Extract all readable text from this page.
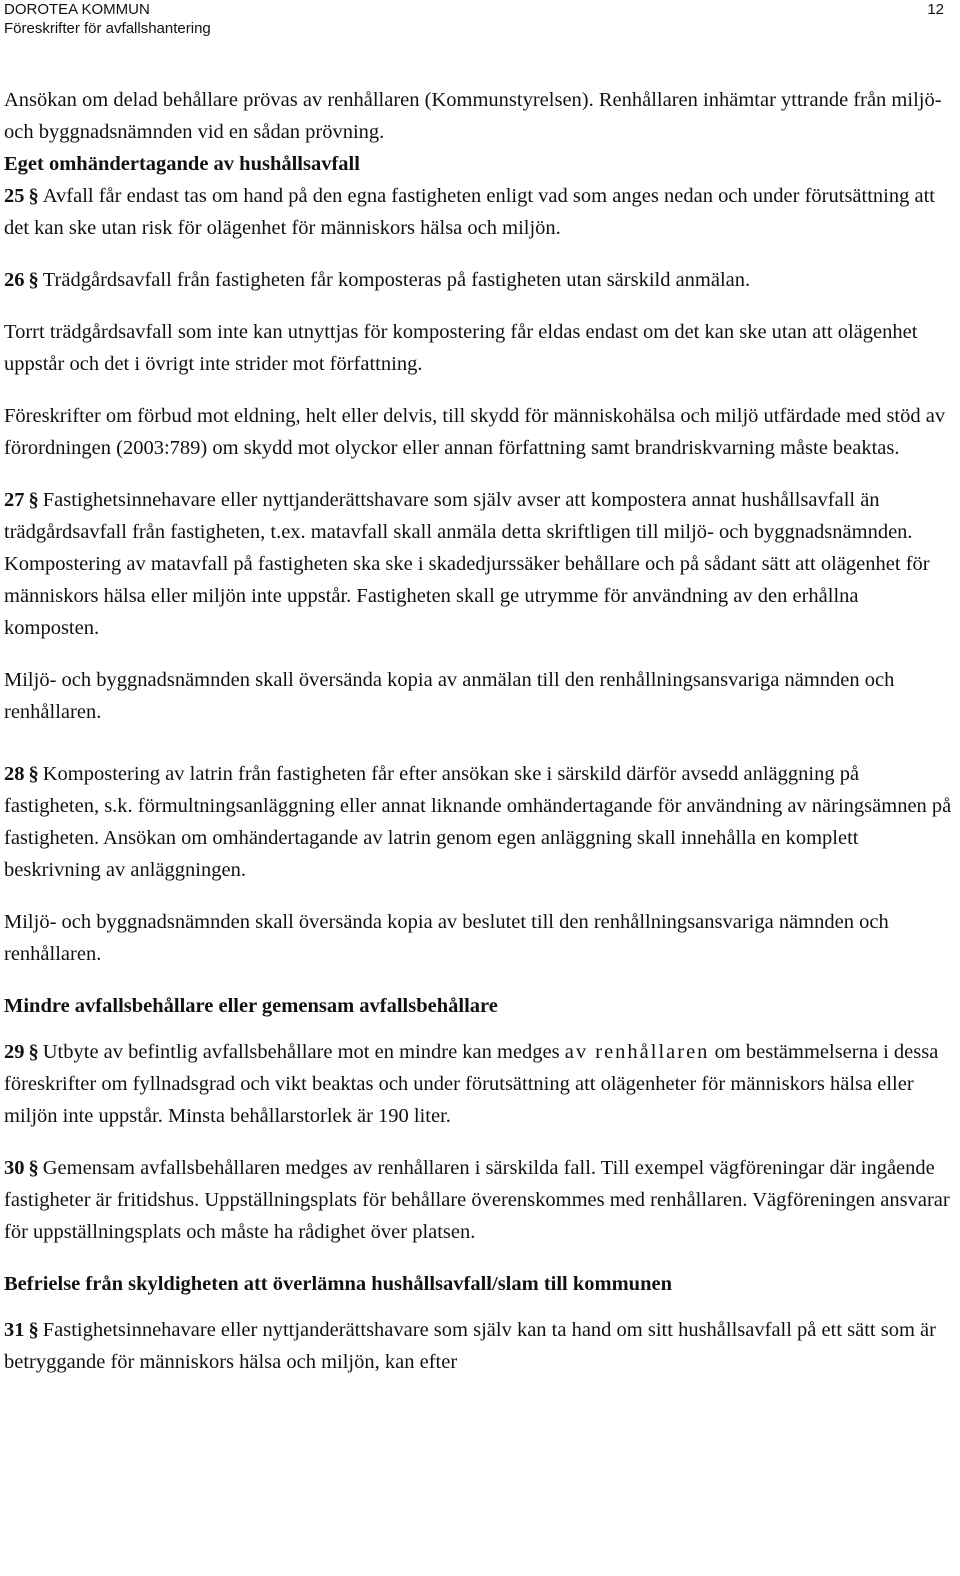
DOROTEA KOMMUN
Föreskrifter för avfallshantering
12

Ansökan om delad behållare prövas av renhållaren (Kommunstyrelsen). Renhållaren inhämtar yttrande från miljö- och byggnadsnämnden vid en sådan prövning.

Eget omhändertagande av hushållsavfall

25 § Avfall får endast tas om hand på den egna fastigheten enligt vad som anges nedan och under förutsättning att det kan ske utan risk för olägenhet för människors hälsa och miljön.

26 § Trädgårdsavfall från fastigheten får komposteras på fastigheten utan särskild anmälan.

Torrt trädgårdsavfall som inte kan utnyttjas för kompostering får eldas endast om det kan ske utan att olägenhet uppstår och det i övrigt inte strider mot författning.

Föreskrifter om förbud mot eldning, helt eller delvis, till skydd för människohälsa och miljö utfärdade med stöd av förordningen (2003:789) om skydd mot olyckor eller annan författning samt brandriskvarning måste beaktas.

27 § Fastighetsinnehavare eller nyttjanderättshavare som själv avser att kompostera annat hushållsavfall än trädgårdsavfall från fastigheten, t.ex. matavfall skall anmäla detta skriftligen till miljö- och byggnadsnämnden. Kompostering av matavfall på fastigheten ska ske i skadedjurssäker behållare och på sådant sätt att olägenhet för människors hälsa eller miljön inte uppstår. Fastigheten skall ge utrymme för användning av den erhållna komposten.

Miljö- och byggnadsnämnden skall översända kopia av anmälan till den renhållningsansvariga nämnden och renhållaren.

28 § Kompostering av latrin från fastigheten får efter ansökan ske i särskild därför avsedd anläggning på fastigheten, s.k. förmultningsanläggning eller annat liknande omhändertagande för användning av näringsämnen på fastigheten. Ansökan om omhändertagande av latrin genom egen anläggning skall innehålla en komplett beskrivning av anläggningen.

Miljö- och byggnadsnämnden skall översända kopia av beslutet till den renhållningsansvariga nämnden och renhållaren.

Mindre avfallsbehållare eller gemensam avfallsbehållare

29 § Utbyte av befintlig avfallsbehållare mot en mindre kan medges av renhållaren om bestämmelserna i dessa föreskrifter om fyllnadsgrad och vikt beaktas och under förutsättning att olägenheter för människors hälsa eller miljön inte uppstår. Minsta behållarstorlek är 190 liter.

30 § Gemensam avfallsbehållaren medges av renhållaren i särskilda fall. Till exempel vägföreningar där ingående fastigheter är fritidshus. Uppställningsplats för behållare överenskommes med renhållaren. Vägföreningen ansvarar för uppställningsplats och måste ha rådighet över platsen.

Befrielse från skyldigheten att överlämna hushållsavfall/slam till kommunen

31 § Fastighetsinnehavare eller nyttjanderättshavare som själv kan ta hand om sitt hushållsavfall på ett sätt som är betryggande för människors hälsa och miljön, kan efter
